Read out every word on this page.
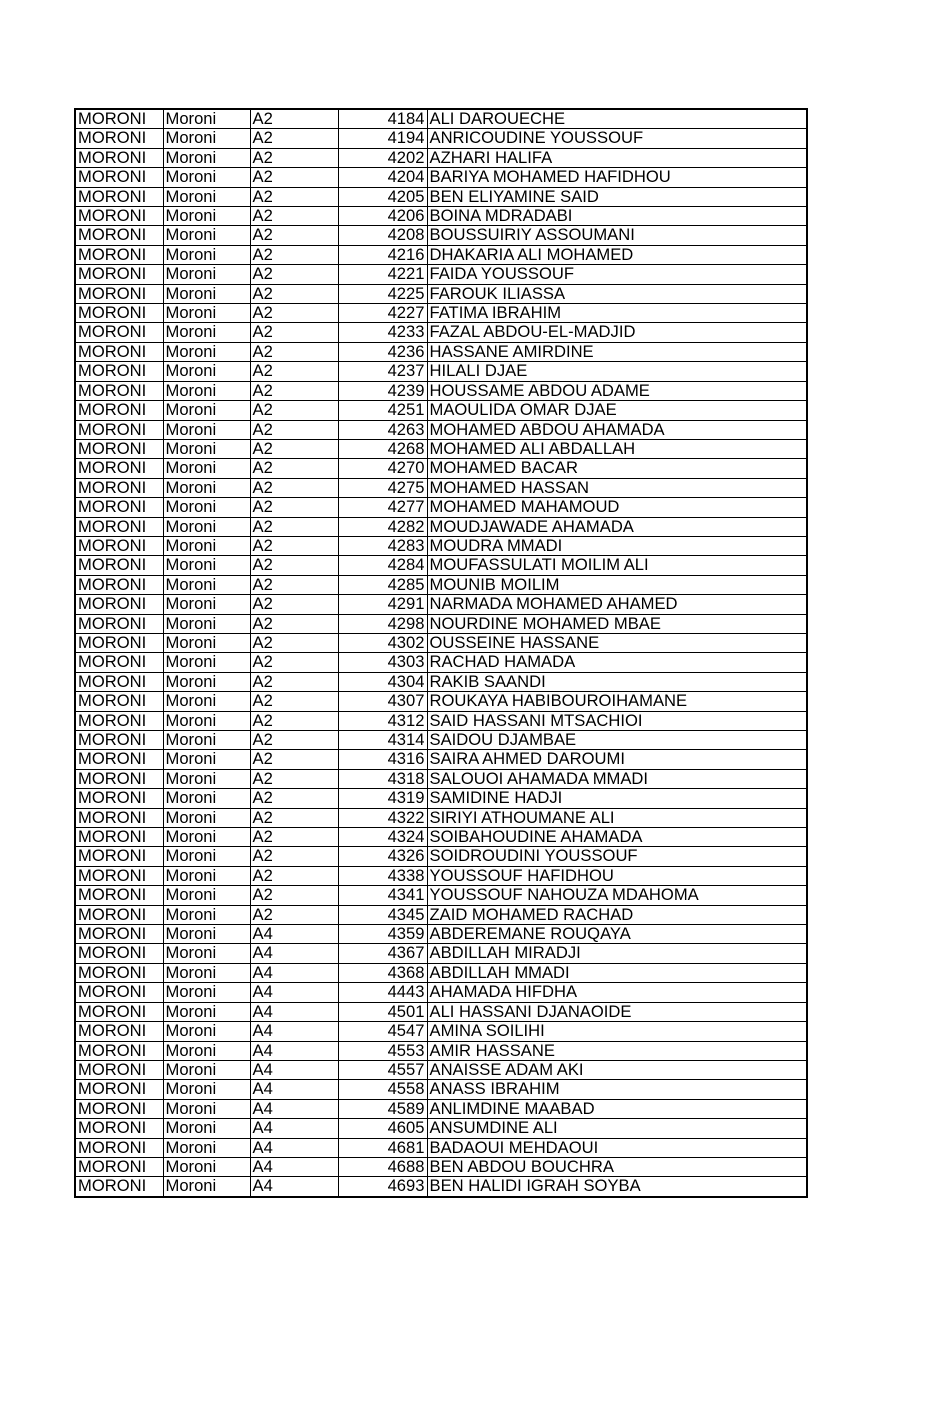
MORONI	Moroni	A2	4184	ALI DAROUECHE
MORONI	Moroni	A2	4194	ANRICOUDINE YOUSSOUF
MORONI	Moroni	A2	4202	AZHARI HALIFA
MORONI	Moroni	A2	4204	BARIYA MOHAMED HAFIDHOU
MORONI	Moroni	A2	4205	BEN ELIYAMINE SAID
MORONI	Moroni	A2	4206	BOINA MDRADABI
MORONI	Moroni	A2	4208	BOUSSUIRIY ASSOUMANI
MORONI	Moroni	A2	4216	DHAKARIA ALI MOHAMED
MORONI	Moroni	A2	4221	FAIDA YOUSSOUF
MORONI	Moroni	A2	4225	FAROUK ILIASSA
MORONI	Moroni	A2	4227	FATIMA IBRAHIM
MORONI	Moroni	A2	4233	FAZAL ABDOU-EL-MADJID
MORONI	Moroni	A2	4236	HASSANE AMIRDINE
MORONI	Moroni	A2	4237	HILALI DJAE
MORONI	Moroni	A2	4239	HOUSSAME ABDOU ADAME
MORONI	Moroni	A2	4251	MAOULIDA OMAR DJAE
MORONI	Moroni	A2	4263	MOHAMED ABDOU AHAMADA
MORONI	Moroni	A2	4268	MOHAMED ALI ABDALLAH
MORONI	Moroni	A2	4270	MOHAMED BACAR
MORONI	Moroni	A2	4275	MOHAMED HASSAN
MORONI	Moroni	A2	4277	MOHAMED MAHAMOUD
MORONI	Moroni	A2	4282	MOUDJAWADE AHAMADA
MORONI	Moroni	A2	4283	MOUDRA MMADI
MORONI	Moroni	A2	4284	MOUFASSULATI MOILIM ALI
MORONI	Moroni	A2	4285	MOUNIB MOILIM
MORONI	Moroni	A2	4291	NARMADA MOHAMED AHAMED
MORONI	Moroni	A2	4298	NOURDINE MOHAMED MBAE
MORONI	Moroni	A2	4302	OUSSEINE HASSANE
MORONI	Moroni	A2	4303	RACHAD HAMADA
MORONI	Moroni	A2	4304	RAKIB SAANDI
MORONI	Moroni	A2	4307	ROUKAYA HABIBOUROIHAMANE
MORONI	Moroni	A2	4312	SAID HASSANI MTSACHIOI
MORONI	Moroni	A2	4314	SAIDOU DJAMBAE
MORONI	Moroni	A2	4316	SAIRA AHMED DAROUMI
MORONI	Moroni	A2	4318	SALOUOI AHAMADA MMADI
MORONI	Moroni	A2	4319	SAMIDINE HADJI
MORONI	Moroni	A2	4322	SIRIYI ATHOUMANE ALI
MORONI	Moroni	A2	4324	SOIBAHOUDINE AHAMADA
MORONI	Moroni	A2	4326	SOIDROUDINI YOUSSOUF
MORONI	Moroni	A2	4338	YOUSSOUF HAFIDHOU
MORONI	Moroni	A2	4341	YOUSSOUF NAHOUZA MDAHOMA
MORONI	Moroni	A2	4345	ZAID MOHAMED RACHAD
MORONI	Moroni	A4	4359	ABDEREMANE ROUQAYA
MORONI	Moroni	A4	4367	ABDILLAH MIRADJI
MORONI	Moroni	A4	4368	ABDILLAH MMADI
MORONI	Moroni	A4	4443	AHAMADA HIFDHA
MORONI	Moroni	A4	4501	ALI HASSANI DJANAOIDE
MORONI	Moroni	A4	4547	AMINA SOILIHI
MORONI	Moroni	A4	4553	AMIR HASSANE
MORONI	Moroni	A4	4557	ANAISSE ADAM AKI
MORONI	Moroni	A4	4558	ANASS IBRAHIM
MORONI	Moroni	A4	4589	ANLIMDINE MAABAD
MORONI	Moroni	A4	4605	ANSUMDINE ALI
MORONI	Moroni	A4	4681	BADAOUI MEHDAOUI
MORONI	Moroni	A4	4688	BEN ABDOU BOUCHRA
MORONI	Moroni	A4	4693	BEN HALIDI IGRAH SOYBA
